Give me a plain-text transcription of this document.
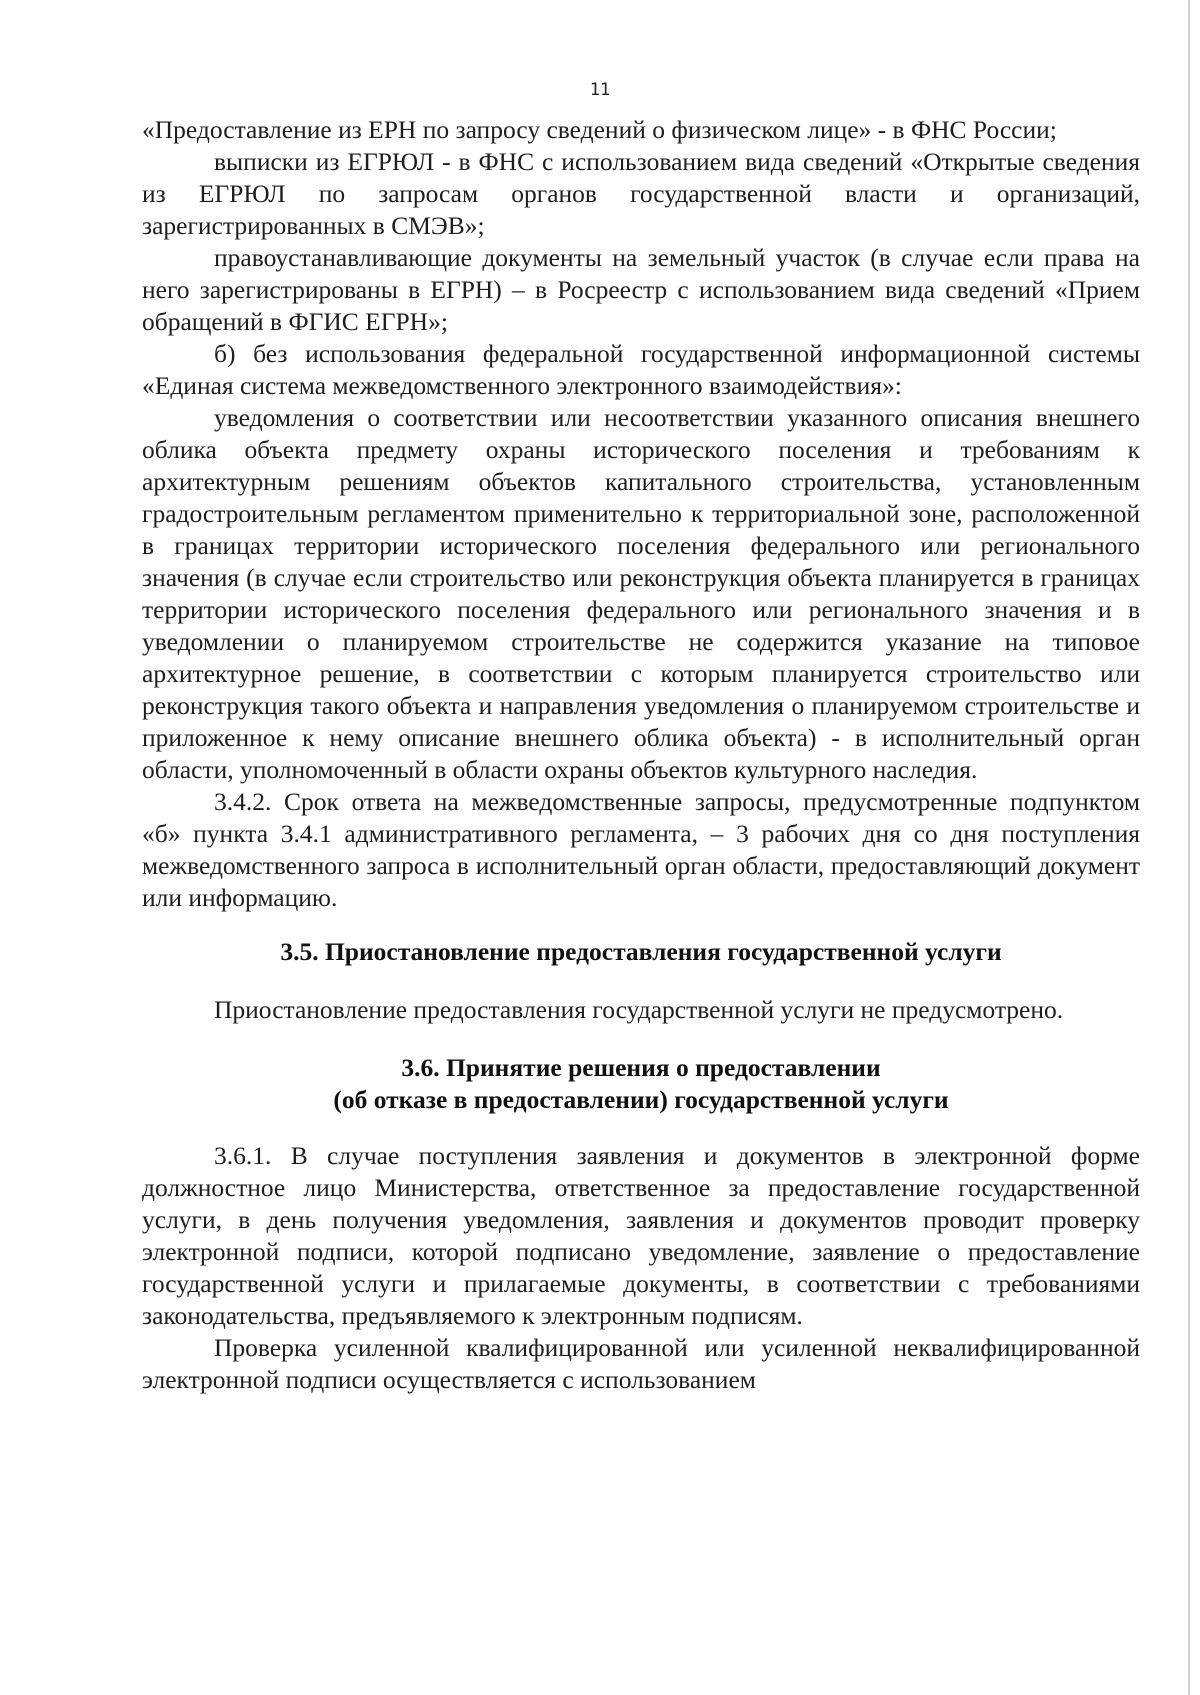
11

«Предоставление из ЕРН по запросу сведений о физическом лице» - в ФНС России;

выписки из ЕГРЮЛ - в ФНС с использованием вида сведений «Открытые сведения из ЕГРЮЛ по запросам органов государственной власти и организаций, зарегистрированных в СМЭВ»;

правоустанавливающие документы на земельный участок (в случае если права на него зарегистрированы в ЕГРН) – в Росреестр с использованием вида сведений «Прием обращений в ФГИС ЕГРН»;

б) без использования федеральной государственной информационной системы «Единая система межведомственного электронного взаимодействия»:

уведомления о соответствии или несоответствии указанного описания внешнего облика объекта предмету охраны исторического поселения и требованиям к архитектурным решениям объектов капитального строительства, установленным градостроительным регламентом применительно к территориальной зоне, расположенной в границах территории исторического поселения федерального или регионального значения (в случае если строительство или реконструкция объекта планируется в границах территории исторического поселения федерального или регионального значения и в уведомлении о планируемом строительстве не содержится указание на типовое архитектурное решение, в соответствии с которым планируется строительство или реконструкция такого объекта и направления уведомления о планируемом строительстве и приложенное к нему описание внешнего облика объекта) - в исполнительный орган области, уполномоченный в области охраны объектов культурного наследия.

3.4.2. Срок ответа на межведомственные запросы, предусмотренные подпунктом «б» пункта 3.4.1 административного регламента, – 3 рабочих дня со дня поступления межведомственного запроса в исполнительный орган области, предоставляющий документ или информацию.

3.5. Приостановление предоставления государственной услуги

Приостановление предоставления государственной услуги не предусмотрено.

3.6. Принятие решения о предоставлении

(об отказе в предоставлении) государственной услуги

3.6.1. В случае поступления заявления и документов в электронной форме должностное лицо Министерства, ответственное за предоставление государственной услуги, в день получения уведомления, заявления и документов проводит проверку электронной подписи, которой подписано уведомление, заявление о предоставление государственной услуги и прилагаемые документы, в соответствии с требованиями законодательства, предъявляемого к электронным подписям.

Проверка усиленной квалифицированной или усиленной неквалифицированной электронной подписи осуществляется с использованием
